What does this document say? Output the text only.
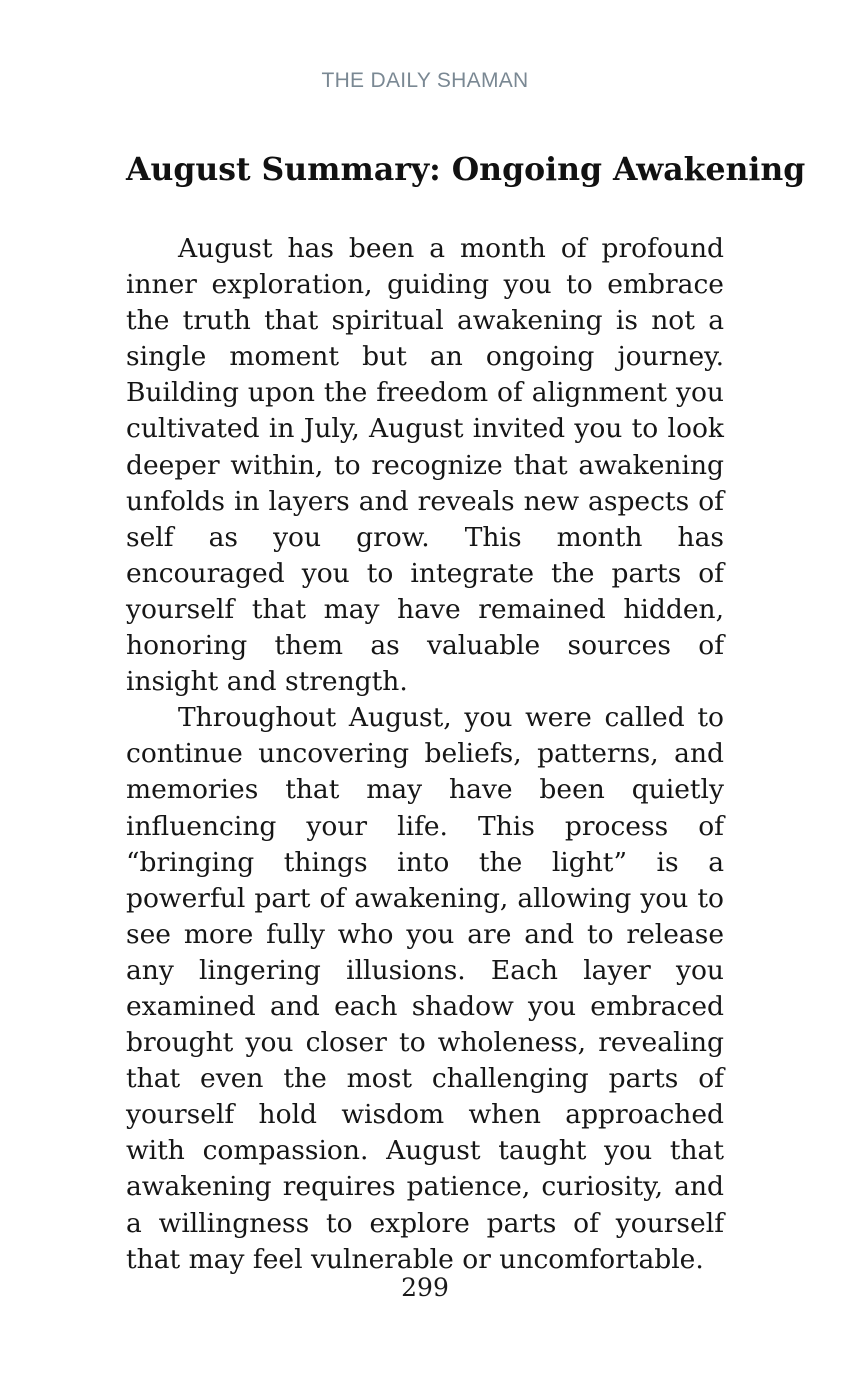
THE DAILY SHAMAN
August Summary: Ongoing Awakening

August has been a month of profound inner exploration, guiding you to embrace the truth that spiritual awakening is not a single moment but an ongoing journey. Building upon the freedom of alignment you cultivated in July, August invited you to look deeper within, to recognize that awakening unfolds in layers and reveals new aspects of self as you grow. This month has encouraged you to integrate the parts of yourself that may have remained hidden, honoring them as valuable sources of insight and strength.

Throughout August, you were called to continue uncovering beliefs, patterns, and memories that may have been quietly influencing your life. This process of “bringing things into the light” is a powerful part of awakening, allowing you to see more fully who you are and to release any lingering illusions. Each layer you examined and each shadow you embraced brought you closer to wholeness, revealing that even the most challenging parts of yourself hold wisdom when approached with compassion. August taught you that awakening requires patience, curiosity, and a willingness to explore parts of yourself that may feel vulnerable or uncomfortable.

299
